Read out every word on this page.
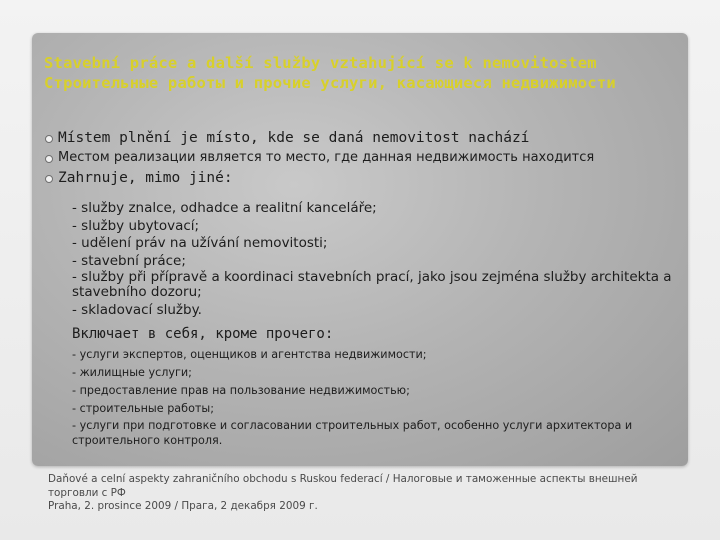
Stavební práce a další služby vztahující se k nemovitostem
Строительные работы и прочие услуги, касающиеся недвижимости
Místem plnění je místo, kde se daná nemovitost nachází
Местом реализации является то место, где данная недвижимость находится
Zahrnuje, mimo jiné:
- služby znalce, odhadce a realitní kanceláře;
- služby ubytovací;
- udělení práv na užívání nemovitosti;
- stavební práce;
- služby při přípravě a koordinaci stavebních prací, jako jsou zejména služby architekta a stavebního dozoru;
- skladovací služby.
Включает в себя, кроме прочего:
- услуги экспертов, оценщиков и агентства недвижимости;
- жилищные услуги;
- предоставление прав на пользование недвижимостью;
- строительные работы;
- услуги при подготовке и согласовании строительных работ, особенно услуги архитектора и строительного контроля.
Daňové a celní aspekty zahraničního obchodu s Ruskou federací / Налоговые и таможенные аспекты внешней торговли с РФ
Praha, 2. prosince 2009 / Прага, 2 декабря 2009 г.
